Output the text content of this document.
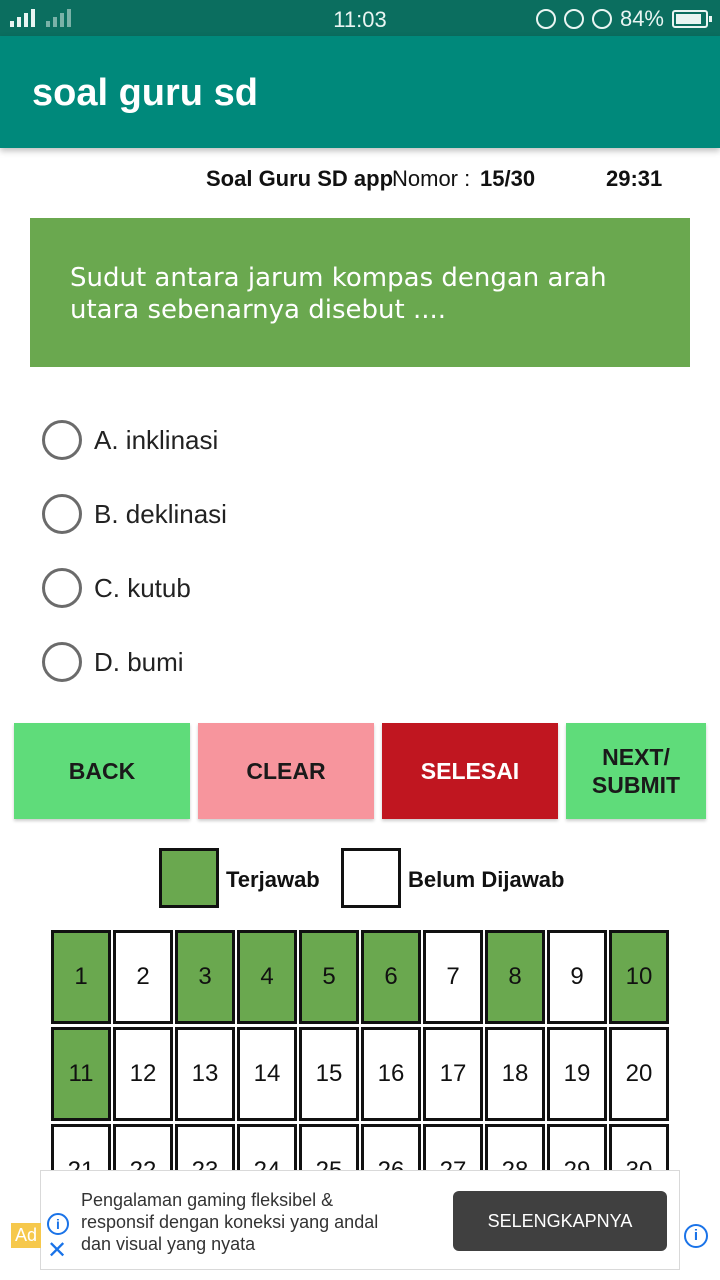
11:03	84%
soal guru sd
Soal Guru SD app
Nomor : 15/30	29:31
Sudut antara jarum kompas dengan arah utara sebenarnya disebut ....
A. inklinasi
B. deklinasi
C. kutub
D. bumi
BACK	CLEAR	SELESAI
NEXT/ SUBMIT
Terjawab	Belum Dijawab
1	2	3	4	5	6	7	8	9	10
11	12	13	14	15	16	17	18	19	20
Ad
i
✕
Pengalaman gaming fleksibel & responsif dengan koneksi yang andal dan visual yang nyata
SELENGKAPNYA
i
